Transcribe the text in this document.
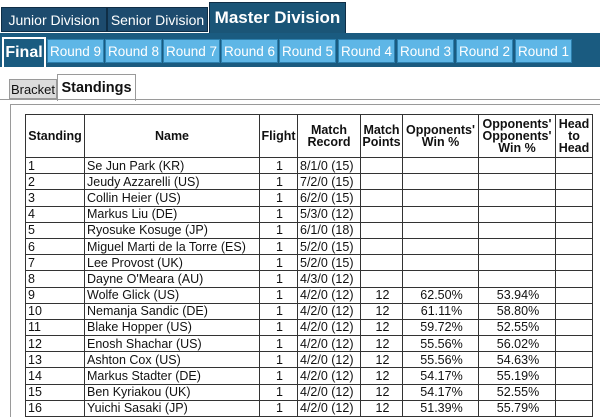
Junior Division Senior Division Master Division
Final Round 9 Round 8 Round 7 Round 6 Round 5 Round 4 Round 3 Round 2 Round 1
Bracket Standings
Standing	Name	Flight	Match Record	Match Points	Opponents' Win %	Opponents' Opponents' Win %	Head to Head
1	Se Jun Park (KR)	1	8/1/0 (15)				
2	Jeudy Azzarelli (US)	1	7/2/0 (15)				
3	Collin Heier (US)	1	6/2/0 (15)				
4	Markus Liu (DE)	1	5/3/0 (12)				
5	Ryosuke Kosuge (JP)	1	6/1/0 (18)				
6	Miguel Marti de la Torre (ES)	1	5/2/0 (15)				
7	Lee Provost (UK)	1	5/2/0 (15)				
8	Dayne O'Meara (AU)	1	4/3/0 (12)				
9	Wolfe Glick (US)	1	4/2/0 (12)	12	62.50%	53.94%	
10	Nemanja Sandic (DE)	1	4/2/0 (12)	12	61.11%	58.80%	
11	Blake Hopper (US)	1	4/2/0 (12)	12	59.72%	52.55%	
12	Enosh Shachar (US)	1	4/2/0 (12)	12	55.56%	56.02%	
13	Ashton Cox (US)	1	4/2/0 (12)	12	55.56%	54.63%	
14	Markus Stadter (DE)	1	4/2/0 (12)	12	54.17%	55.19%	
15	Ben Kyriakou (UK)	1	4/2/0 (12)	12	54.17%	52.55%	
16	Yuichi Sasaki (JP)	1	4/2/0 (12)	12	51.39%	55.79%	
